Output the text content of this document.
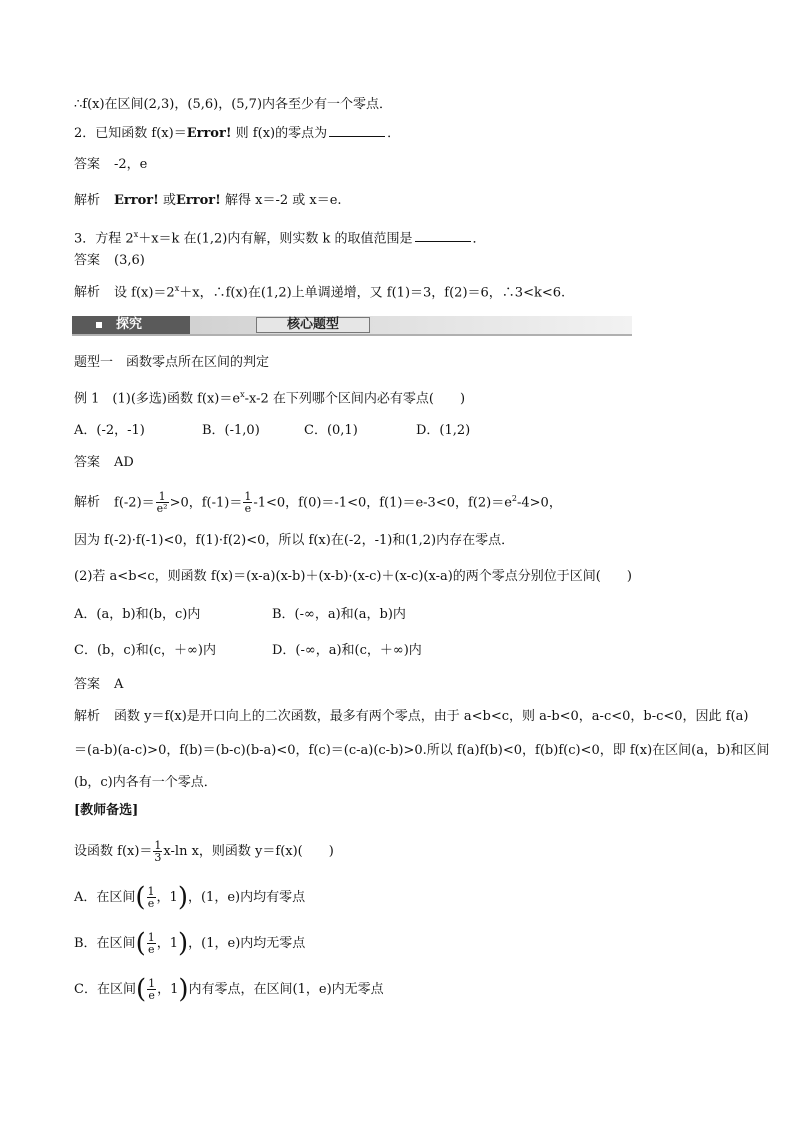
∴f(x)在区间(2,3)，(5,6)，(5,7)内各至少有一个零点．
2．已知函数 f(x)＝Error! 则 f(x)的零点为	．
答案 -2，e
解析 Error! 或Error! 解得 x＝-2 或 x＝e.
3．方程 $2^x+x=k$ 在(1,2)内有解，则实数 k 的取值范围是	．
答案 (3,6)
解析 设 $f(x)=2^x+x$，∴f(x)在(1,2)上单调递增，又 f(1)＝3，f(2)＝6，∴3<k<6.
探究	核心题型
题型一　函数零点所在区间的判定
例 1　(1)(多选)函数 $f(x)=e^x-x-2$ 在下列哪个区间内必有零点(　　)
A．(-2，-1)	B．(-1,0)	C．(0,1)	D．(1,2)
答案 AD
解析 $f(-2)= \frac{1}{\text{e²}} >0$，$f(-1)= \frac{1}{e} -1<0$，f(0)＝-1<0，f(1)＝e-3<0，$f(2)=e^2-4>0$，
因为 f(-2)·f(-1)<0，f(1)·f(2)<0，所以 f(x)在(-2，-1)和(1,2)内存在零点．
(2)若 a<b<c，则函数 f(x)＝(x-a)(x-b)＋(x-b)·(x-c)＋(x-c)(x-a)的两个零点分别位于区间(　　)
A．(a，b)和(b，c)内	B．(-∞，a)和(a，b)内
C．(b，c)和(c，＋∞)内	D．(-∞，a)和(c，＋∞)内
答案 A
解析 函数 y＝f(x)是开口向上的二次函数，最多有两个零点，由于 a<b<c，则 a-b<0，a-c<0，b-c<0，因此 f(a)
＝(a-b)(a-c)>0，f(b)＝(b-c)(b-a)<0，f(c)＝(c-a)(c-b)>0.所以 f(a)f(b)<0，f(b)f(c)<0，即 f(x)在区间(a，b)和区间
(b，c)内各有一个零点．
[教师备选]
设函数 $f(x)= \frac{1}{3} x-\ln$ x，则函数 y＝f(x)(　　)
A．在区间( $\frac{1}{e}$ ，1)，(1，e)内均有零点
B．在区间( $\frac{1}{e}$ ，1)，(1，e)内均无零点
C．在区间( $\frac{1}{e}$ ，1)内有零点，在区间(1，e)内无零点
